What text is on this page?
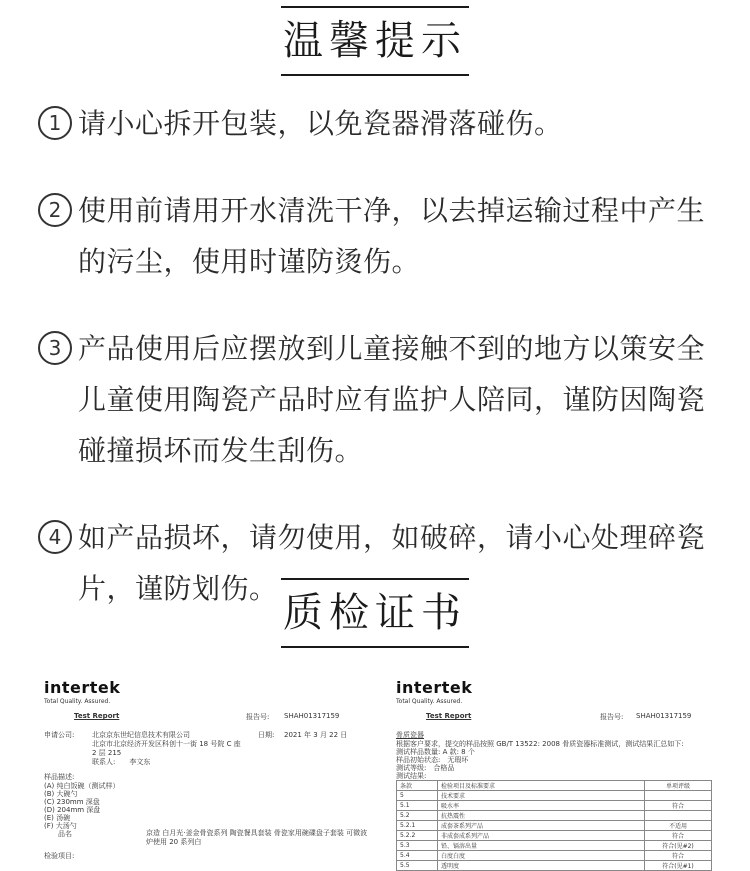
温馨提示
1 请小心拆开包装，以免瓷器滑落碰伤。
2 使用前请用开水清洗干净，以去掉运输过程中产生的污尘，使用时谨防烫伤。
3 产品使用后应摆放到儿童接触不到的地方以策安全儿童使用陶瓷产品时应有监护人陪同，谨防因陶瓷碰撞损坏而发生刮伤。
4 如产品损坏，请勿使用，如破碎，请小心处理碎瓷片，谨防划伤。
质检证书
intertek
Total Quality. Assured.
Test Report	报告号: SHAH01317159
申请公司:	北京京东世纪信息技术有限公司
北京市北京经济开发区科创十一街 18 号院 C 座
2 层 215
联系人:　　李文东
日期: 2021 年 3 月 22 日
样品描述:
(A) 纯白饭碗（测试样）
(B) 大碗勺
(C) 230mm 深盘
(D) 204mm 深盘
(E) 汤碗
(F) 大汤勺
品名	京造 白月光·釜金骨瓷系列 陶瓷餐具套装 骨瓷家用碗碟盘子套装 可微波炉使用 20 系列白
检验项目:
intertek
Total Quality. Assured.
Test Report	报告号: SHAH01317159
骨质瓷器
根据客户要求，提交的样品按照 GB/T 13522: 2008 骨质瓷器标准测试，测试结果汇总如下:
测试样品数量: A 款: 8 个
样品初始状态:　无瑕坏
测试等级:　合格品
测试结果:
条款	检验项目及标准要求	单项评级
5	技术要求	
5.1	吸水率	符合
5.2	抗热震性	
5.2.1	成套茶系列产品	不适用
5.2.2	非成套成系列产品	符合
5.3	铅、镉溶出量	符合(见#2)
5.4	白度白度	符合
5.5	透明度	符合(见#1)
